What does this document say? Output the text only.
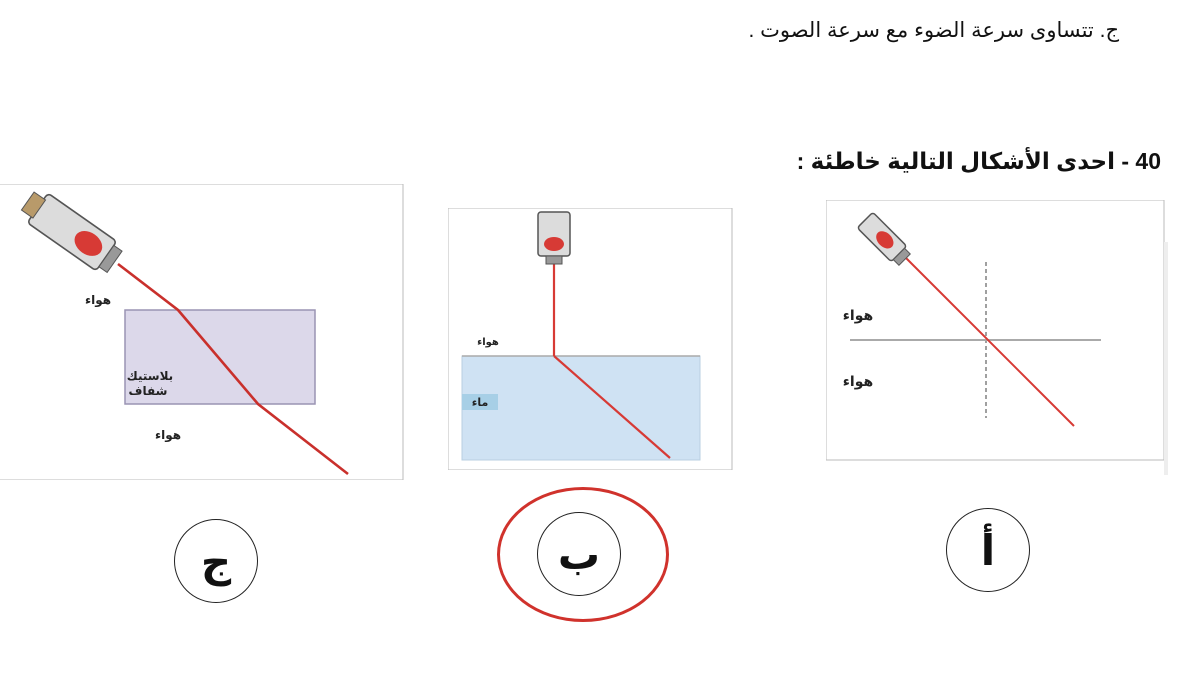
ج. تتساوى سرعة الضوء مع سرعة الصوت .
40 - احدى الأشكال التالية خاطئة :
هواء
هواء
هواء
ماء
هواء
بلاستيك
شفاف
هواء
أ
ب
ج
